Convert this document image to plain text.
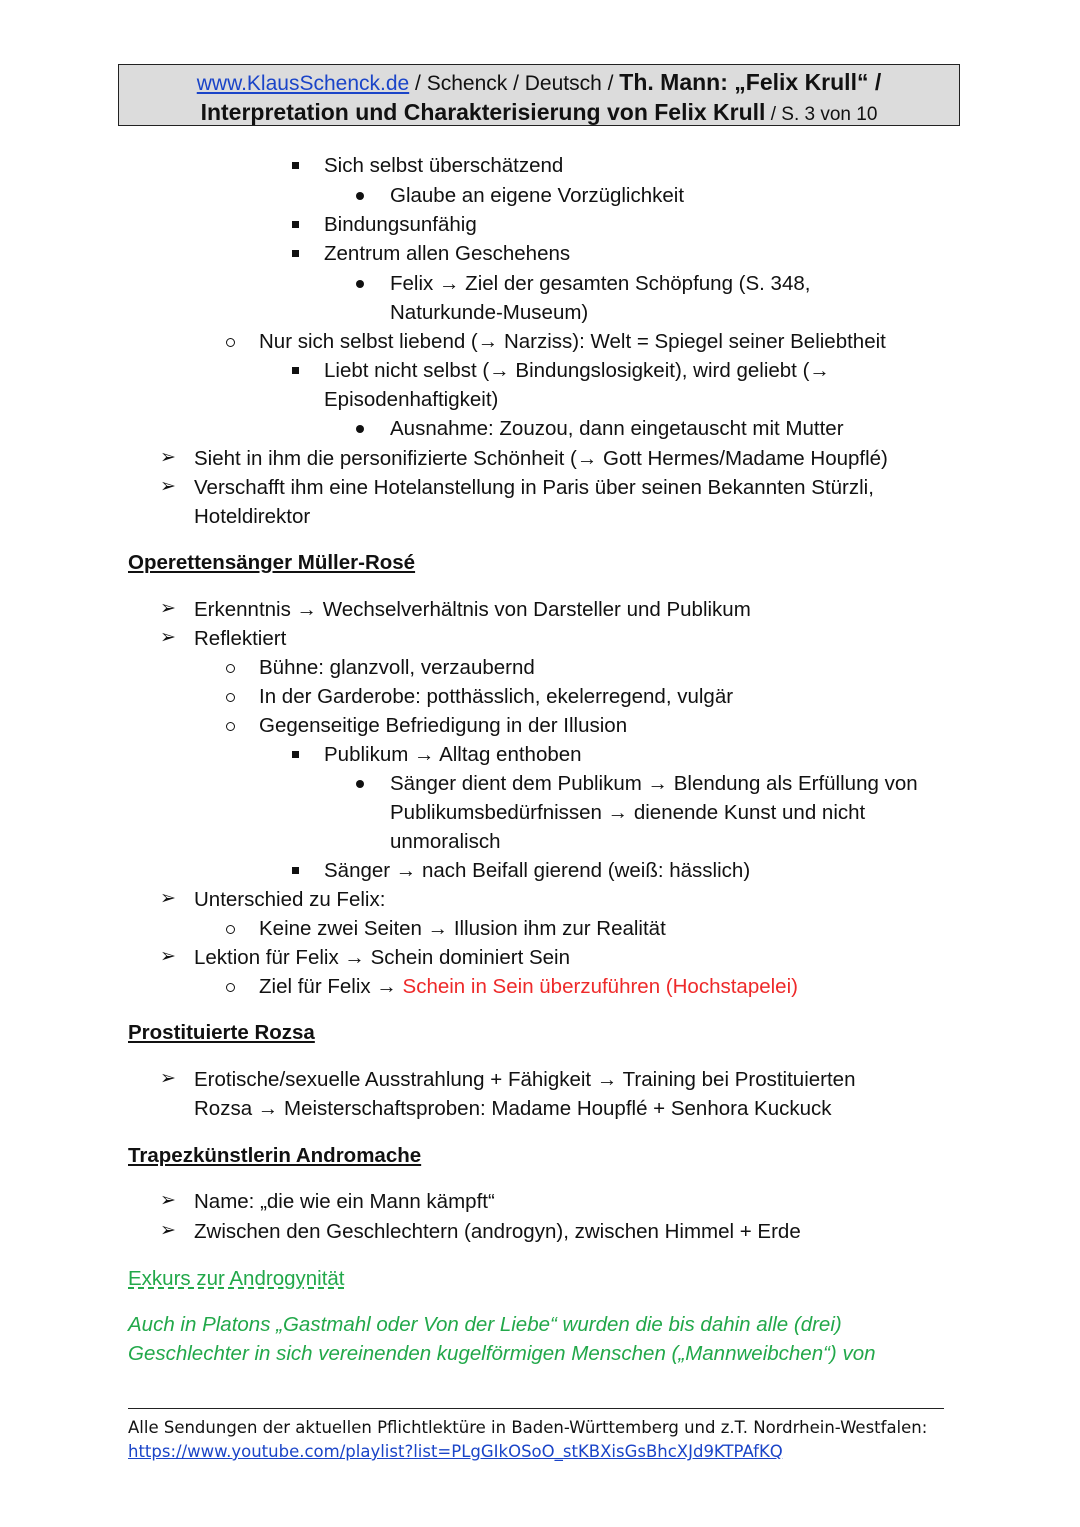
www.KlausSchenck.de / Schenck / Deutsch / Th. Mann: „Felix Krull“ /
Interpretation und Charakterisierung von Felix Krull / S. 3 von 10
Sich selbst überschätzend
Glaube an eigene Vorzüglichkeit
Bindungsunfähig
Zentrum allen Geschehens
Felix → Ziel der gesamten Schöpfung (S. 348,
Naturkunde-Museum)
Nur sich selbst liebend (→ Narziss): Welt = Spiegel seiner Beliebtheit
Liebt nicht selbst (→ Bindungslosigkeit), wird geliebt (→
Episodenhaftigkeit)
Ausnahme: Zouzou, dann eingetauscht mit Mutter
➢ Sieht in ihm die personifizierte Schönheit (→ Gott Hermes/Madame Houpflé)
➢ Verschafft ihm eine Hotelanstellung in Paris über seinen Bekannten Stürzli,
Hoteldirektor
Operettensänger Müller-Rosé
➢ Erkenntnis → Wechselverhältnis von Darsteller und Publikum
➢ Reflektiert
Bühne: glanzvoll, verzaubernd
In der Garderobe: potthässlich, ekelerregend, vulgär
Gegenseitige Befriedigung in der Illusion
Publikum → Alltag enthoben
Sänger dient dem Publikum → Blendung als Erfüllung von
Publikumsbedürfnissen → dienende Kunst und nicht
unmoralisch
Sänger → nach Beifall gierend (weiß: hässlich)
➢ Unterschied zu Felix:
Keine zwei Seiten → Illusion ihm zur Realität
➢ Lektion für Felix → Schein dominiert Sein
Ziel für Felix → Schein in Sein überzuführen (Hochstapelei)
Prostituierte Rozsa
➢ Erotische/sexuelle Ausstrahlung + Fähigkeit → Training bei Prostituierten
Rozsa → Meisterschaftsproben: Madame Houpflé + Senhora Kuckuck
Trapezkünstlerin Andromache
➢ Name: „die wie ein Mann kämpft“
➢ Zwischen den Geschlechtern (androgyn), zwischen Himmel + Erde
Exkurs zur Androgynität
Auch in Platons „Gastmahl oder Von der Liebe“ wurden die bis dahin alle (drei)
Geschlechter in sich vereinenden kugelförmigen Menschen („Mannweibchen“) von
Alle Sendungen der aktuellen Pflichtlektüre in Baden-Württemberg und z.T. Nordrhein-Westfalen:
https://www.youtube.com/playlist?list=PLgGIkOSoO_stKBXisGsBhcXJd9KTPAfKQ
